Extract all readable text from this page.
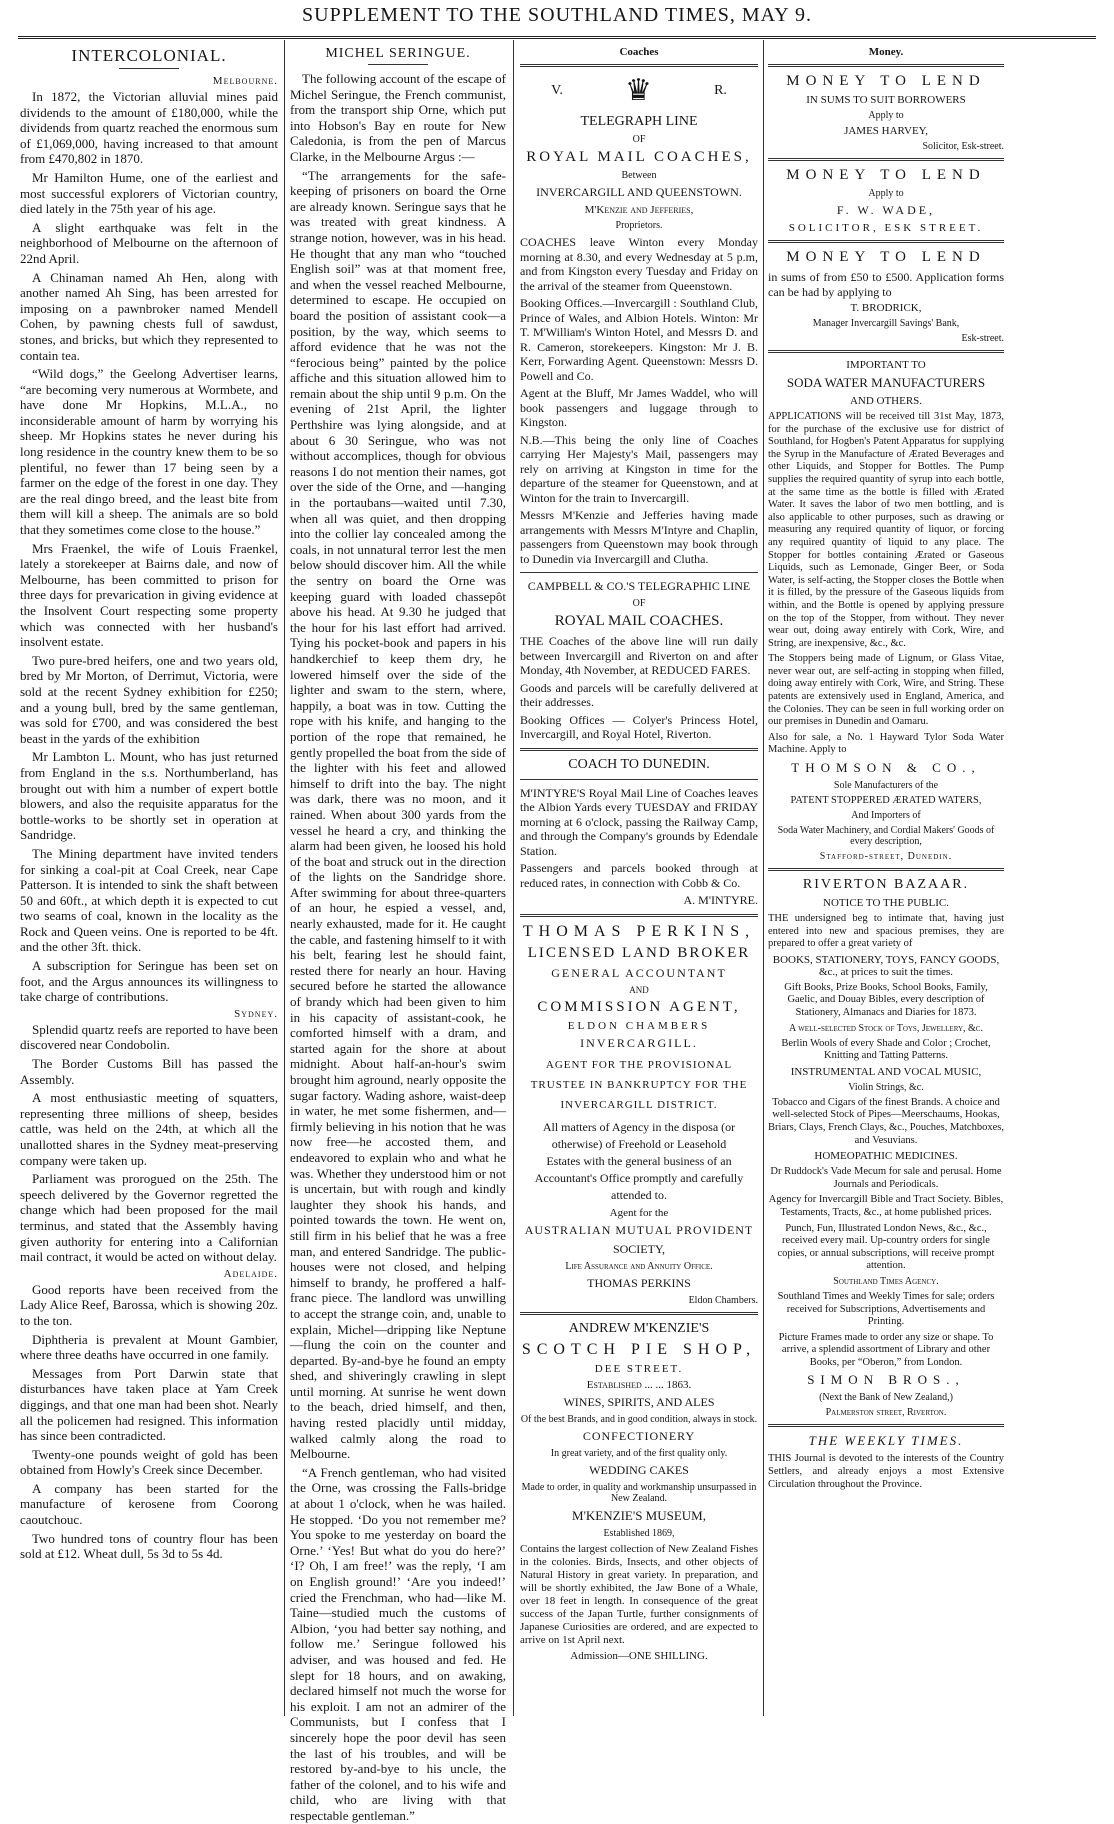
SUPPLEMENT TO THE SOUTHLAND TIMES, MAY 9.
INTERCOLONIAL.
Melbourne.

In 1872, the Victorian alluvial mines paid dividends to the amount of £180,000, while the dividends from quartz reached the enormous sum of £1,069,000, having increased to that amount from £470,802 in 1870.

Mr Hamilton Hume, one of the earliest and most successful explorers of Victorian country, died lately in the 75th year of his age.

A slight earthquake was felt in the neighborhood of Melbourne on the afternoon of 22nd April.

A Chinaman named Ah Hen, along with another named Ah Sing, has been arrested for imposing on a pawnbroker named Mendell Cohen, by pawning chests full of sawdust, stones, and bricks, but which they represented to contain tea.

“Wild dogs,” the Geelong Advertiser learns, “are becoming very numerous at Wormbete, and have done Mr Hopkins, M.L.A., no inconsiderable amount of harm by worrying his sheep. Mr Hopkins states he never during his long residence in the country knew them to be so plentiful, no fewer than 17 being seen by a farmer on the edge of the forest in one day. They are the real dingo breed, and the least bite from them will kill a sheep. The animals are so bold that they sometimes come close to the house.”

Mrs Fraenkel, the wife of Louis Fraenkel, lately a storekeeper at Bairns dale, and now of Melbourne, has been committed to prison for three days for prevarication in giving evidence at the Insolvent Court respecting some property which was connected with her husband's insolvent estate.

Two pure-bred heifers, one and two years old, bred by Mr Morton, of Derrimut, Victoria, were sold at the recent Sydney exhibition for £250; and a young bull, bred by the same gentleman, was sold for £700, and was considered the best beast in the yards of the exhibition

Mr Lambton L. Mount, who has just returned from England in the s.s. Northumberland, has brought out with him a number of expert bottle blowers, and also the requisite apparatus for the bottle-works to be shortly set in operation at Sandridge.

The Mining department have invited tenders for sinking a coal-pit at Coal Creek, near Cape Patterson. It is intended to sink the shaft between 50 and 60ft., at which depth it is expected to cut two seams of coal, known in the locality as the Rock and Queen veins. One is reported to be 4ft. and the other 3ft. thick.

A subscription for Seringue has been set on foot, and the Argus announces its willingness to take charge of contributions.

Sydney.

Splendid quartz reefs are reported to have been discovered near Condobolin.

The Border Customs Bill has passed the Assembly.

A most enthusiastic meeting of squatters, representing three millions of sheep, besides cattle, was held on the 24th, at which all the unallotted shares in the Sydney meat-preserving company were taken up.

Parliament was prorogued on the 25th. The speech delivered by the Governor regretted the change which had been proposed for the mail terminus, and stated that the Assembly having given authority for entering into a Californian mail contract, it would be acted on without delay.

Adelaide.

Good reports have been received from the Lady Alice Reef, Barossa, which is showing 20z. to the ton.

Diphtheria is prevalent at Mount Gambier, where three deaths have occurred in one family.

Messages from Port Darwin state that disturbances have taken place at Yam Creek diggings, and that one man had been shot. Nearly all the policemen had resigned. This information has since been contradicted.

Twenty-one pounds weight of gold has been obtained from Howly's Creek since December.

A company has been started for the manufacture of kerosene from Coorong caoutchouc.

Two hundred tons of country flour has been sold at £12. Wheat dull, 5s 3d to 5s 4d.

MICHEL SERINGUE.

The following account of the escape of Michel Seringue, the French communist, from the transport ship Orne, which put into Hobson's Bay en route for New Caledonia, is from the pen of Marcus Clarke, in the Melbourne Argus :—

“The arrangements for the safe-keeping of prisoners on board the Orne are already known. Seringue says that he was treated with great kindness. A strange notion, however, was in his head. He thought that any man who “touched English soil” was at that moment free, and when the vessel reached Melbourne, determined to escape. He occupied on board the position of assistant cook—a position, by the way, which seems to afford evidence that he was not the “ferocious being” painted by the police affiche and this situation allowed him to remain about the ship until 9 p.m. On the evening of 21st April, the lighter Perthshire was lying alongside, and at about 6 30 Seringue, who was not without accomplices, though for obvious reasons I do not mention their names, got over the side of the Orne, and —hanging in the portaubans—waited until 7.30, when all was quiet, and then dropping into the collier lay concealed among the coals, in not unnatural terror lest the men below should discover him. All the while the sentry on board the Orne was keeping guard with loaded chassepôt above his head. At 9.30 he judged that the hour for his last effort had arrived. Tying his pocket-book and papers in his handkerchief to keep them dry, he lowered himself over the side of the lighter and swam to the stern, where, happily, a boat was in tow. Cutting the rope with his knife, and hanging to the portion of the rope that remained, he gently propelled the boat from the side of the lighter with his feet and allowed himself to drift into the bay. The night was dark, there was no moon, and it rained. When about 300 yards from the vessel he heard a cry, and thinking the alarm had been given, he loosed his hold of the boat and struck out in the direction of the lights on the Sandridge shore. After swimming for about three-quarters of an hour, he espied a vessel, and, nearly exhausted, made for it. He caught the cable, and fastening himself to it with his belt, fearing lest he should faint, rested there for nearly an hour. Having secured before he started the allowance of brandy which had been given to him in his capacity of assistant-cook, he comforted himself with a dram, and started again for the shore at about midnight. About half-an-hour's swim brought him aground, nearly opposite the sugar factory. Wading ashore, waist-deep in water, he met some fishermen, and—firmly believing in his notion that he was now free—he accosted them, and endeavored to explain who and what he was. Whether they understood him or not is uncertain, but with rough and kindly laughter they shook his hands, and pointed towards the town. He went on, still firm in his belief that he was a free man, and entered Sandridge. The public-houses were not closed, and helping himself to brandy, he proffered a half-franc piece. The landlord was unwilling to accept the strange coin, and, unable to explain, Michel—dripping like Neptune —flung the coin on the counter and departed. By-and-bye he found an empty shed, and shiveringly crawling in slept until morning. At sunrise he went down to the beach, dried himself, and then, having rested placidly until midday, walked calmly along the road to Melbourne.

“A French gentleman, who had visited the Orne, was crossing the Falls-bridge at about 1 o'clock, when he was hailed. He stopped. ‘Do you not remember me? You spoke to me yesterday on board the Orne.’ ‘Yes! But what do you do here?’ ‘I? Oh, I am free!’ was the reply, ‘I am on English ground!’ ‘Are you indeed!’ cried the Frenchman, who had—like M. Taine—studied much the customs of Albion, ‘you had better say nothing, and follow me.’ Seringue followed his adviser, and was housed and fed. He slept for 18 hours, and on awaking, declared himself not much the worse for his exploit. I am not an admirer of the Communists, but I confess that I sincerely hope the poor devil has seen the last of his troubles, and will be restored by-and-bye to his uncle, the father of the colonel, and to his wife and child, who are living with that respectable gentleman.”

Coaches
V. ♛	R.
TELEGRAPH LINE
OF
ROYAL MAIL COACHES,
Between
INVERCARGILL AND QUEENSTOWN.
M'Kenzie and Jefferies,
Proprietors.

COACHES leave Winton every Monday morning at 8.30, and every Wednesday at 5 p.m, and from Kingston every Tuesday and Friday on the arrival of the steamer from Queenstown.

Booking Offices.—Invercargill : Southland Club, Prince of Wales, and Albion Hotels. Winton: Mr T. M'William's Winton Hotel, and Messrs D. and R. Cameron, storekeepers. Kingston: Mr J. B. Kerr, Forwarding Agent. Queenstown: Messrs D. Powell and Co.

Agent at the Bluff, Mr James Waddel, who will book passengers and luggage through to Kingston.

N.B.—This being the only line of Coaches carrying Her Majesty's Mail, passengers may rely on arriving at Kingston in time for the departure of the steamer for Queenstown, and at Winton for the train to Invercargill.

Messrs M'Kenzie and Jefferies having made arrangements with Messrs M'Intyre and Chaplin, passengers from Queenstown may book through to Dunedin via Invercargill and Clutha.

CAMPBELL & CO.'S TELEGRAPHIC LINE
OF
ROYAL MAIL COACHES.

THE Coaches of the above line will run daily between Invercargill and Riverton on and after Monday, 4th November, at REDUCED FARES.

Goods and parcels will be carefully delivered at their addresses.

Booking Offices — Colyer's Princess Hotel, Invercargill, and Royal Hotel, Riverton.

COACH TO DUNEDIN.

M'INTYRE'S Royal Mail Line of Coaches leaves the Albion Yards every TUESDAY and FRIDAY morning at 6 o'clock, passing the Railway Camp, and through the Company's grounds by Edendale Station.

Passengers and parcels booked through at reduced rates, in connection with Cobb & Co.

A. M'INTYRE.
THOMAS PERKINS,
LICENSED LAND BROKER
GENERAL ACCOUNTANT
AND
COMMISSION AGENT,
ELDON CHAMBERS
INVERCARGILL.
AGENT FOR THE PROVISIONAL TRUSTEE IN BANKRUPTCY FOR THE INVERCARGILL DISTRICT.

All matters of Agency in the disposa (or otherwise) of Freehold or Leasehold Estates with the general business of an Accountant's Office promptly and carefully attended to.

Agent for the
AUSTRALIAN MUTUAL PROVIDENT
SOCIETY,
Life Assurance and Annuity Office.
THOMAS PERKINS
Eldon Chambers.
ANDREW M'KENZIE'S
SCOTCH PIE SHOP,
DEE STREET.
Established ... ... 1863.
WINES, SPIRITS, AND ALES
Of the best Brands, and in good condition, always in stock.
CONFECTIONERY
In great variety, and of the first quality only.
WEDDING CAKES
Made to order, in quality and workmanship unsurpassed in New Zealand.
M'KENZIE'S MUSEUM,
Established 1869,

Contains the largest collection of New Zealand Fishes in the colonies. Birds, Insects, and other objects of Natural History in great variety. In preparation, and will be shortly exhibited, the Jaw Bone of a Whale, over 18 feet in length. In consequence of the great success of the Japan Turtle, further consignments of Japanese Curiosities are ordered, and are expected to arrive on 1st April next.

Admission—ONE SHILLING.
Money.
MONEY TO LEND
IN SUMS TO SUIT BORROWERS
Apply to
JAMES HARVEY,
Solicitor, Esk-street.
MONEY TO LEND
Apply to
F. W. WADE,
SOLICITOR, ESK STREET.
MONEY TO LEND

in sums of from £50 to £500. Application forms can be had by applying to

T. BRODRICK,
Manager Invercargill Savings' Bank,
Esk-street.
IMPORTANT TO
SODA WATER MANUFACTURERS
AND OTHERS.

APPLICATIONS will be received till 31st May, 1873, for the purchase of the exclusive use for district of Southland, for Hogben's Patent Apparatus for supplying the Syrup in the Manufacture of Ærated Beverages and other Liquids, and Stopper for Bottles. The Pump supplies the required quantity of syrup into each bottle, at the same time as the bottle is filled with Ærated Water. It saves the labor of two men bottling, and is also applicable to other purposes, such as drawing or measuring any required quantity of liquor, or forcing any required quantity of liquid to any place. The Stopper for bottles containing Ærated or Gaseous Liquids, such as Lemonade, Ginger Beer, or Soda Water, is self-acting, the Stopper closes the Bottle when it is filled, by the pressure of the Gaseous liquids from within, and the Bottle is opened by applying pressure on the top of the Stopper, from without. They never wear out, doing away entirely with Cork, Wire, and String, are inexpensive, &c., &c.

The Stoppers being made of Lignum, or Glass Vitae, never wear out, are self-acting in stopping when filled, doing away entirely with Cork, Wire, and String. These patents are extensively used in England, America, and the Colonies. They can be seen in full working order on our premises in Dunedin and Oamaru.

Also for sale, a No. 1 Hayward Tylor Soda Water Machine. Apply to

THOMSON & CO.,
Sole Manufacturers of the
PATENT STOPPERED ÆRATED WATERS,
And Importers of
Soda Water Machinery, and Cordial Makers' Goods of every description,
Stafford-street, Dunedin.
RIVERTON BAZAAR.
NOTICE TO THE PUBLIC.

THE undersigned beg to intimate that, having just entered into new and spacious premises, they are prepared to offer a great variety of

BOOKS, STATIONERY, TOYS, FANCY GOODS, &c., at prices to suit the times.

Gift Books, Prize Books, School Books, Family, Gaelic, and Douay Bibles, every description of Stationery, Almanacs and Diaries for 1873.

A well-selected Stock of Toys, Jewellery, &c.

Berlin Wools of every Shade and Color ; Crochet, Knitting and Tatting Patterns.

INSTRUMENTAL AND VOCAL MUSIC,
Violin Strings, &c.

Tobacco and Cigars of the finest Brands. A choice and well-selected Stock of Pipes—Meerschaums, Hookas, Briars, Clays, French Clays, &c., Pouches, Matchboxes, and Vesuvians.

HOMEOPATHIC MEDICINES.

Dr Ruddock's Vade Mecum for sale and perusal. Home Journals and Periodicals.

Agency for Invercargill Bible and Tract Society. Bibles, Testaments, Tracts, &c., at home published prices.

Punch, Fun, Illustrated London News, &c., &c., received every mail. Up-country orders for single copies, or annual subscriptions, will receive prompt attention.

Southland Times Agency.

Southland Times and Weekly Times for sale; orders received for Subscriptions, Advertisements and Printing.

Picture Frames made to order any size or shape. To arrive, a splendid assortment of Library and other Books, per “Oberon,” from London.

SIMON BROS.,
(Next the Bank of New Zealand,)
Palmerston street, Riverton.
THE WEEKLY TIMES.

THIS Journal is devoted to the interests of the Country Settlers, and already enjoys a most Extensive Circulation throughout the Province.
